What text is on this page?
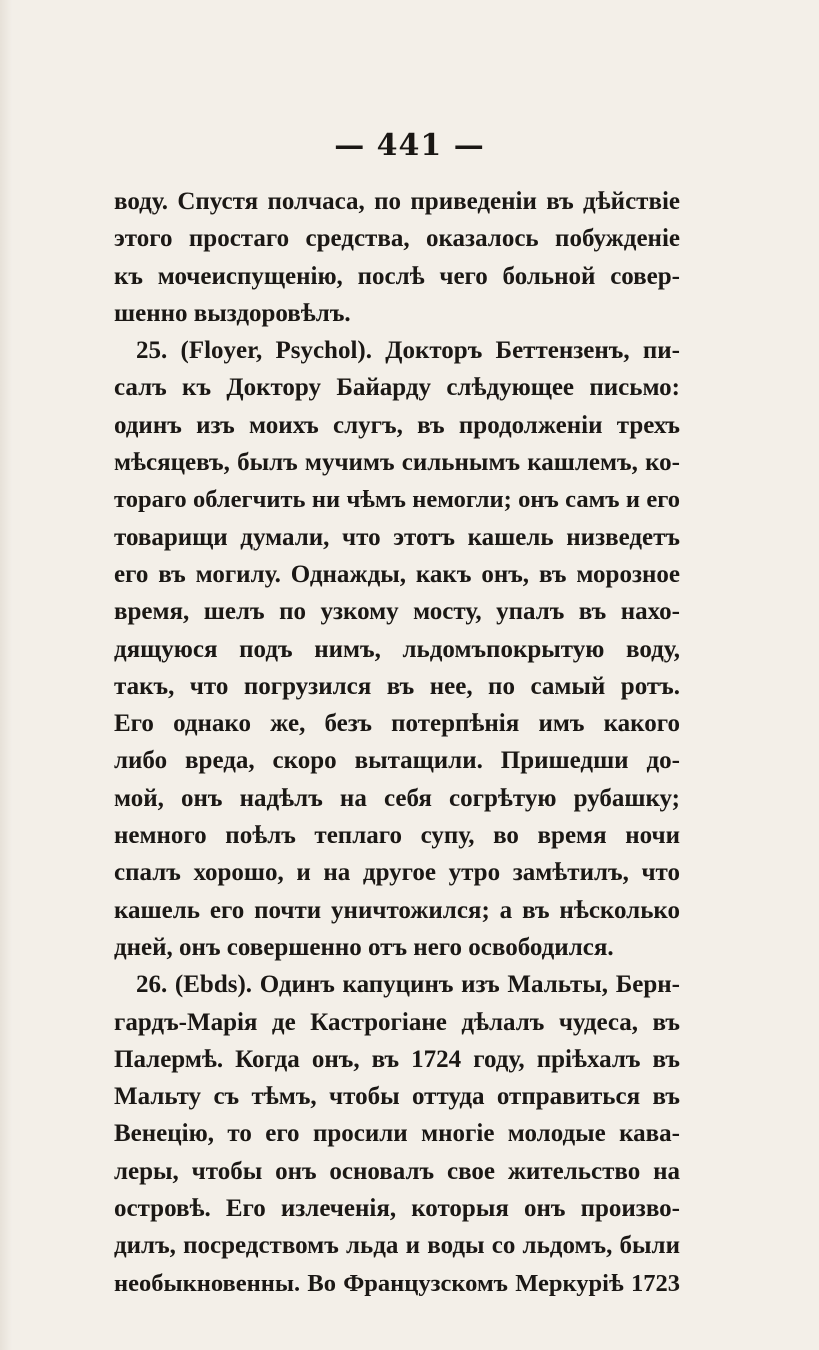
— 441 —
воду. Спустя полчаса, по приведеніи въ дѣйствіе
этого простаго средства, оказалось побужденіе
къ мочеиспущенію, послѣ чего больной совер-
шенно выздоровѣлъ.
25. (Floyer, Psychol). Докторъ Беттензенъ, пи-
салъ къ Доктору Байарду слѣдующее письмо:
одинъ изъ моихъ слугъ, въ продолженіи трехъ
мѣсяцевъ, былъ мучимъ сильнымъ кашлемъ, ко-
тораго облегчить ни чѣмъ немогли; онъ самъ и его
товарищи думали, что этотъ кашель низведетъ
его въ могилу. Однажды, какъ онъ, въ морозное
время, шелъ по узкому мосту, упалъ въ нахо-
дящуюся подъ нимъ, льдомъпокрытую воду,
такъ, что погрузился въ нее, по самый ротъ.
Его однако же, безъ потерпѣнія имъ какого
либо вреда, скоро вытащили. Пришедши до-
мой, онъ надѣлъ на себя согрѣтую рубашку;
немного поѣлъ теплаго супу, во время ночи
спалъ хорошо, и на другое утро замѣтилъ, что
кашель его почти уничтожился; а въ нѣсколько
дней, онъ совершенно отъ него освободился.
26. (Ebds). Одинъ капуцинъ изъ Мальты, Берн-
гардъ-Марія де Кастрогіане дѣлалъ чудеса, въ
Палермѣ. Когда онъ, въ 1724 году, пріѣхалъ въ
Мальту съ тѣмъ, чтобы оттуда отправиться въ
Венецію, то его просили многіе молодые кава-
леры, чтобы онъ основалъ свое жительство на
островѣ. Его излеченія, которыя онъ произво-
дилъ, посредствомъ льда и воды со льдомъ, были
необыкновенны. Во Французскомъ Меркуріѣ 1723
